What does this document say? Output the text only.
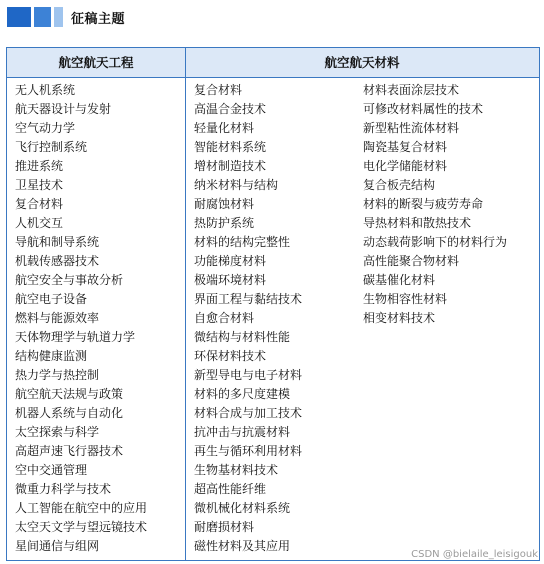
征稿主题
航空航天工程	航空航天材料
无人机系统
航天器设计与发射
空气动力学
飞行控制系统
推进系统
卫星技术
复合材料
人机交互
导航和制导系统
机载传感器技术
航空安全与事故分析
航空电子设备
燃料与能源效率
天体物理学与轨道力学
结构健康监测
热力学与热控制
航空航天法规与政策
机器人系统与自动化
太空探索与科学
高超声速飞行器技术
空中交通管理
微重力科学与技术
人工智能在航空中的应用
太空天文学与望远镜技术
星间通信与组网
复合材料
高温合金技术
轻量化材料
智能材料系统
增材制造技术
纳米材料与结构
耐腐蚀材料
热防护系统
材料的结构完整性
功能梯度材料
极端环境材料
界面工程与黏结技术
自愈合材料
微结构与材料性能
环保材料技术
新型导电与电子材料
材料的多尺度建模
材料合成与加工技术
抗冲击与抗震材料
再生与循环利用材料
生物基材料技术
超高性能纤维
微机械化材料系统
耐磨损材料
磁性材料及其应用
材料表面涂层技术
可修改材料属性的技术
新型粘性流体材料
陶瓷基复合材料
电化学储能材料
复合板壳结构
材料的断裂与疲劳寿命
导热材料和散热技术
动态载荷影响下的材料行为
高性能聚合物材料
碳基催化材料
生物相容性材料
相变材料技术
CSDN @bielaile_leisigouk
